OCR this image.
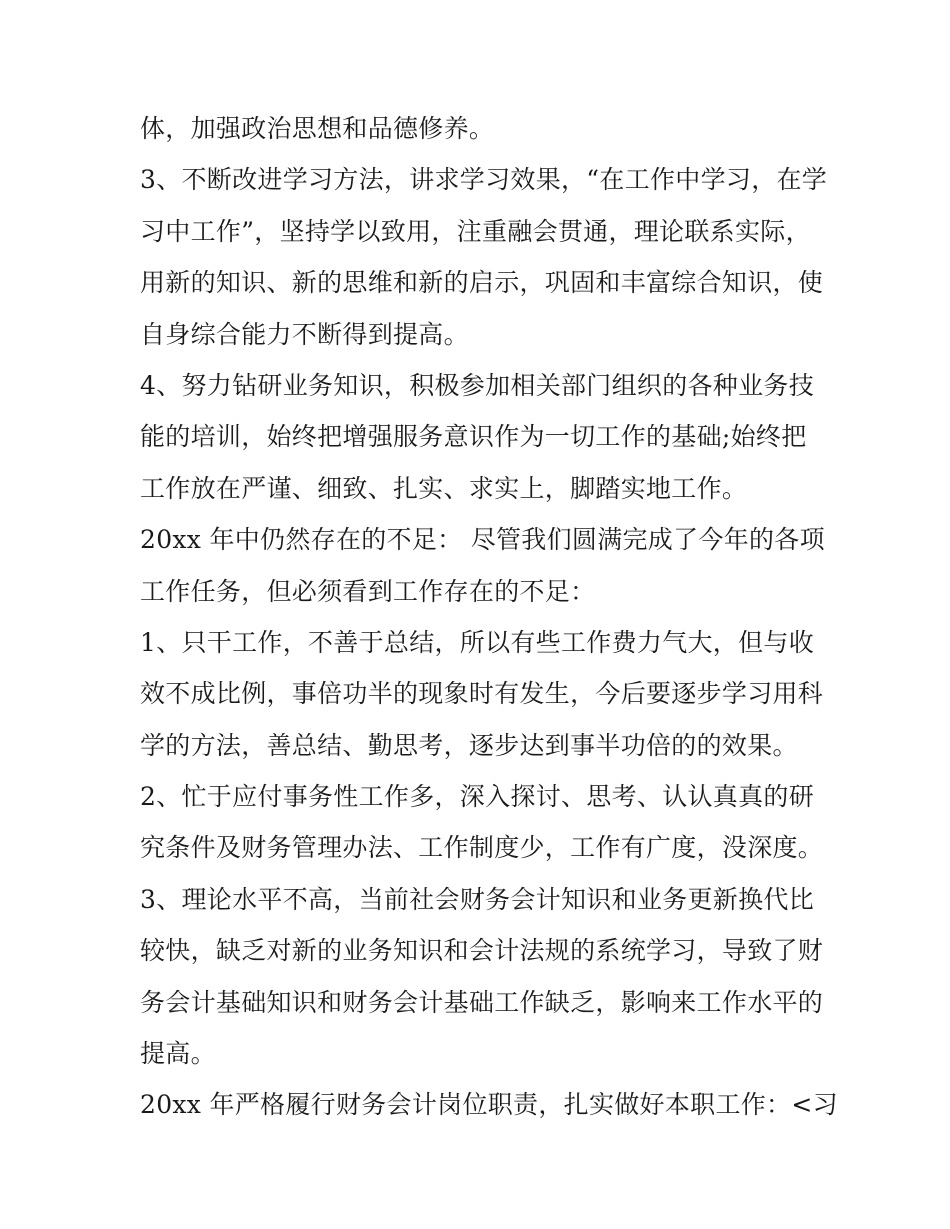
体，加强政治思想和品德修养。
3、不断改进学习方法，讲求学习效果，“在工作中学习，在学
习中工作”，坚持学以致用，注重融会贯通，理论联系实际，
用新的知识、新的思维和新的启示，巩固和丰富综合知识，使
自身综合能力不断得到提高。
4、努力钻研业务知识，积极参加相关部门组织的各种业务技
能的培训，始终把增强服务意识作为一切工作的基础;始终把
工作放在严谨、细致、扎实、求实上，脚踏实地工作。
20xx 年中仍然存在的不足： 尽管我们圆满完成了今年的各项
工作任务，但必须看到工作存在的不足：
1、只干工作，不善于总结，所以有些工作费力气大，但与收
效不成比例，事倍功半的现象时有发生，今后要逐步学习用科
学的方法，善总结、勤思考，逐步达到事半功倍的的效果。
2、忙于应付事务性工作多，深入探讨、思考、认认真真的研
究条件及财务管理办法、工作制度少，工作有广度，没深度。
3、理论水平不高，当前社会财务会计知识和业务更新换代比
较快，缺乏对新的业务知识和会计法规的系统学习，导致了财
务会计基础知识和财务会计基础工作缺乏，影响来工作水平的
提高。
20xx 年严格履行财务会计岗位职责，扎实做好本职工作：<习
